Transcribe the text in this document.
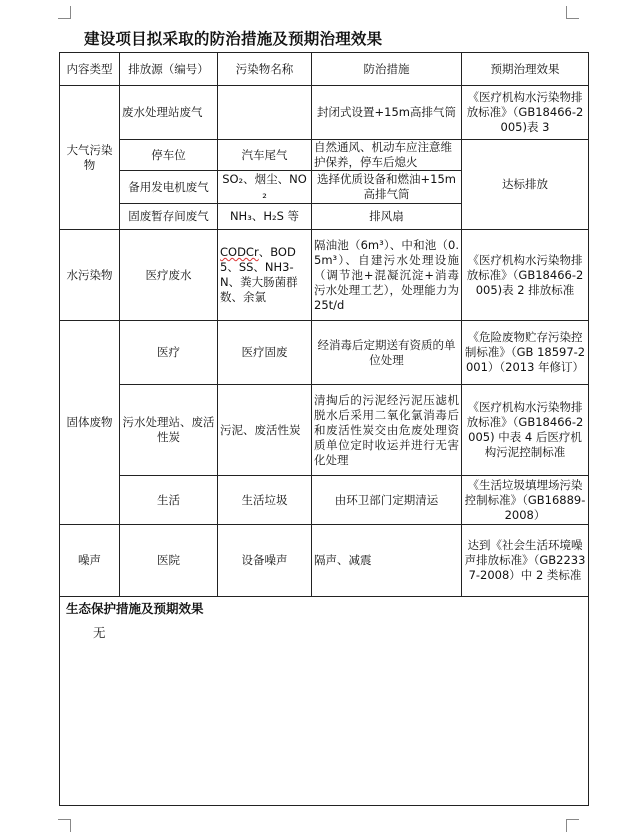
建设项目拟采取的防治措施及预期治理效果
内容类型	排放源（编号）	污染物名称	防治措施	预期治理效果
大气污染物	废水处理站废气		封闭式设置+15m高排气筒	《医疗机构水污染物排放标准》（GB18466-2005)表 3
	停车位	汽车尾气	自然通风、机动车应注意维护保养，停车后熄火	达标排放
	备用发电机废气	SO₂、烟尘、NO₂	选择优质设备和燃油+15m高排气筒	
	固废暂存间废气	NH₃、H₂S 等	排风扇	
水污染物	医疗废水	CODCr、BOD5、SS、NH3-N、粪大肠菌群数、余氯	隔油池（6m³）、中和池（0.5m³）、自建污水处理设施（调节池+混凝沉淀+消毒污水处理工艺），处理能力为 25t/d	《医疗机构水污染物排放标准》（GB18466-2005)表 2 排放标准
固体废物	医疗	医疗固废	经消毒后定期送有资质的单位处理	《危险废物贮存污染控制标准》（GB 18597-2001）（2013 年修订）
	污水处理站、废活性炭	污泥、废活性炭	清掏后的污泥经污泥压滤机脱水后采用二氧化氯消毒后和废活性炭交由危废处理资质单位定时收运并进行无害化处理	《医疗机构水污染物排放标准》（GB18466-2005) 中表 4 后医疗机构污泥控制标准
	生活	生活垃圾	由环卫部门定期清运	《生活垃圾填埋场污染控制标准》（GB16889-2008）
噪声	医院	设备噪声	隔声、减震	达到《社会生活环境噪声排放标准》（GB22337-2008）中 2 类标准

生态保护措施及预期效果
无				
